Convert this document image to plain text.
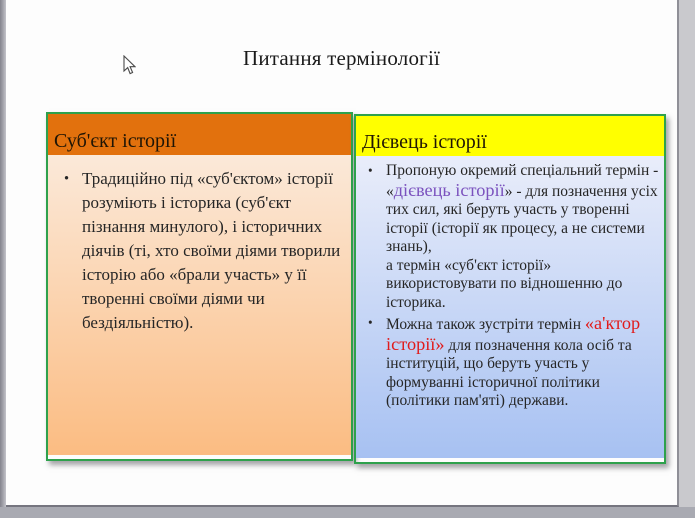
Питання термінології
Суб'єкт історії
• Традиційно під «суб'єктом» історії розуміють і історика (суб'єкт пізнання минулого), і історичних діячів (ті, хто своїми діями творили історію або «брали участь» у її творенні своїми діями чи бездіяльністю).
Дієвець історії
• Пропоную окремий спеціальний термін - «дієвець історії» - для позначення усіх тих сил, які беруть участь у творенні історії (історії як процесу, а не системи знань),
а термін «суб'єкт історії» використовувати по відношенню до історика.
• Можна також зустріти термін «а'ктор історії» для позначення кола осіб та інституцій, що беруть участь у формуванні історичної політики (політики пам'яті) держави.
